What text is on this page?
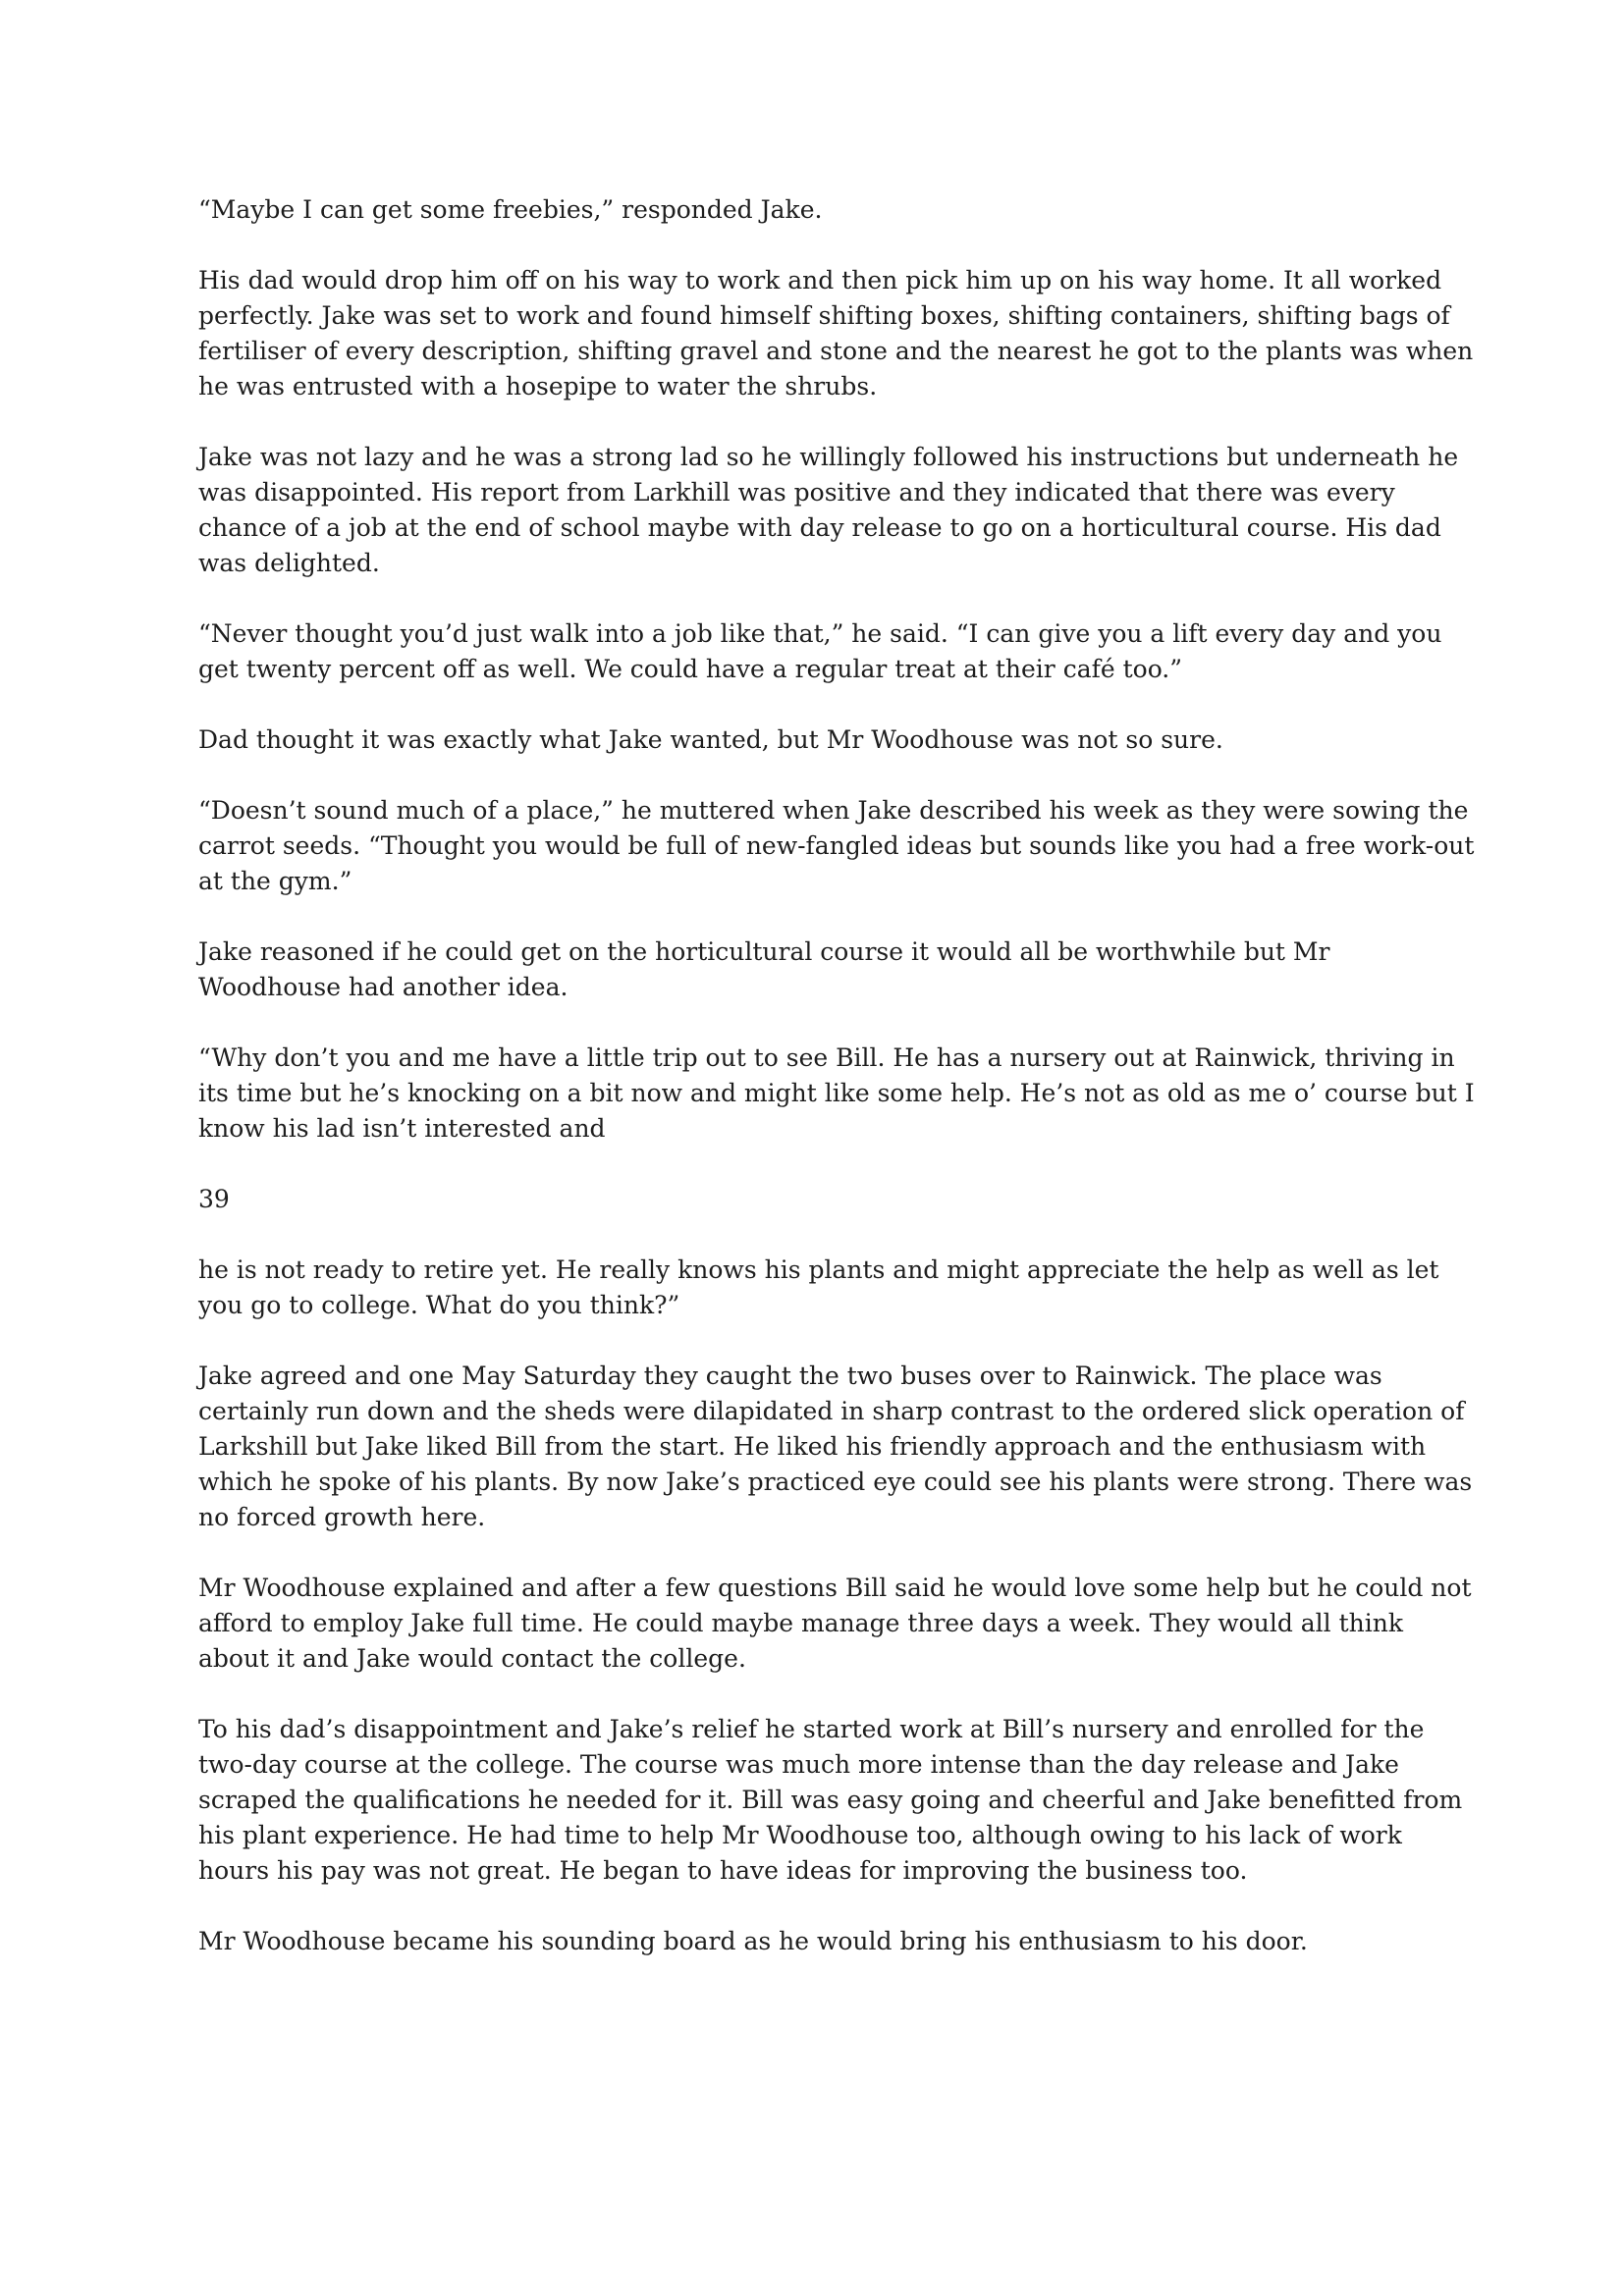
“Maybe I can get some freebies,” responded Jake.

His dad would drop him off on his way to work and then pick him up on his way home. It all worked perfectly. Jake was set to work and found himself shifting boxes, shifting containers, shifting bags of fertiliser of every description, shifting gravel and stone and the nearest he got to the plants was when he was entrusted with a hosepipe to water the shrubs.

Jake was not lazy and he was a strong lad so he willingly followed his instructions but underneath he was disappointed. His report from Larkhill was positive and they indicated that there was every chance of a job at the end of school maybe with day release to go on a horticultural course. His dad was delighted.

“Never thought you’d just walk into a job like that,” he said. “I can give you a lift every day and you get twenty percent off as well. We could have a regular treat at their café too.”

Dad thought it was exactly what Jake wanted, but Mr Woodhouse was not so sure.

“Doesn’t sound much of a place,” he muttered when Jake described his week as they were sowing the carrot seeds. “Thought you would be full of new-fangled ideas but sounds like you had a free work-out at the gym.”

Jake reasoned if he could get on the horticultural course it would all be worthwhile but Mr Woodhouse had another idea.

“Why don’t you and me have a little trip out to see Bill. He has a nursery out at Rainwick, thriving in its time but he’s knocking on a bit now and might like some help. He’s not as old as me o’ course but I know his lad isn’t interested and

39

he is not ready to retire yet. He really knows his plants and might appreciate the help as well as let you go to college. What do you think?”

Jake agreed and one May Saturday they caught the two buses over to Rainwick. The place was certainly run down and the sheds were dilapidated in sharp contrast to the ordered slick operation of Larkshill but Jake liked Bill from the start. He liked his friendly approach and the enthusiasm with which he spoke of his plants. By now Jake’s practiced eye could see his plants were strong. There was no forced growth here.

Mr Woodhouse explained and after a few questions Bill said he would love some help but he could not afford to employ Jake full time. He could maybe manage three days a week. They would all think about it and Jake would contact the college.

To his dad’s disappointment and Jake’s relief he started work at Bill’s nursery and enrolled for the two-day course at the college. The course was much more intense than the day release and Jake scraped the qualifications he needed for it. Bill was easy going and cheerful and Jake benefitted from his plant experience. He had time to help Mr Woodhouse too, although owing to his lack of work hours his pay was not great. He began to have ideas for improving the business too.

Mr Woodhouse became his sounding board as he would bring his enthusiasm to his door.
